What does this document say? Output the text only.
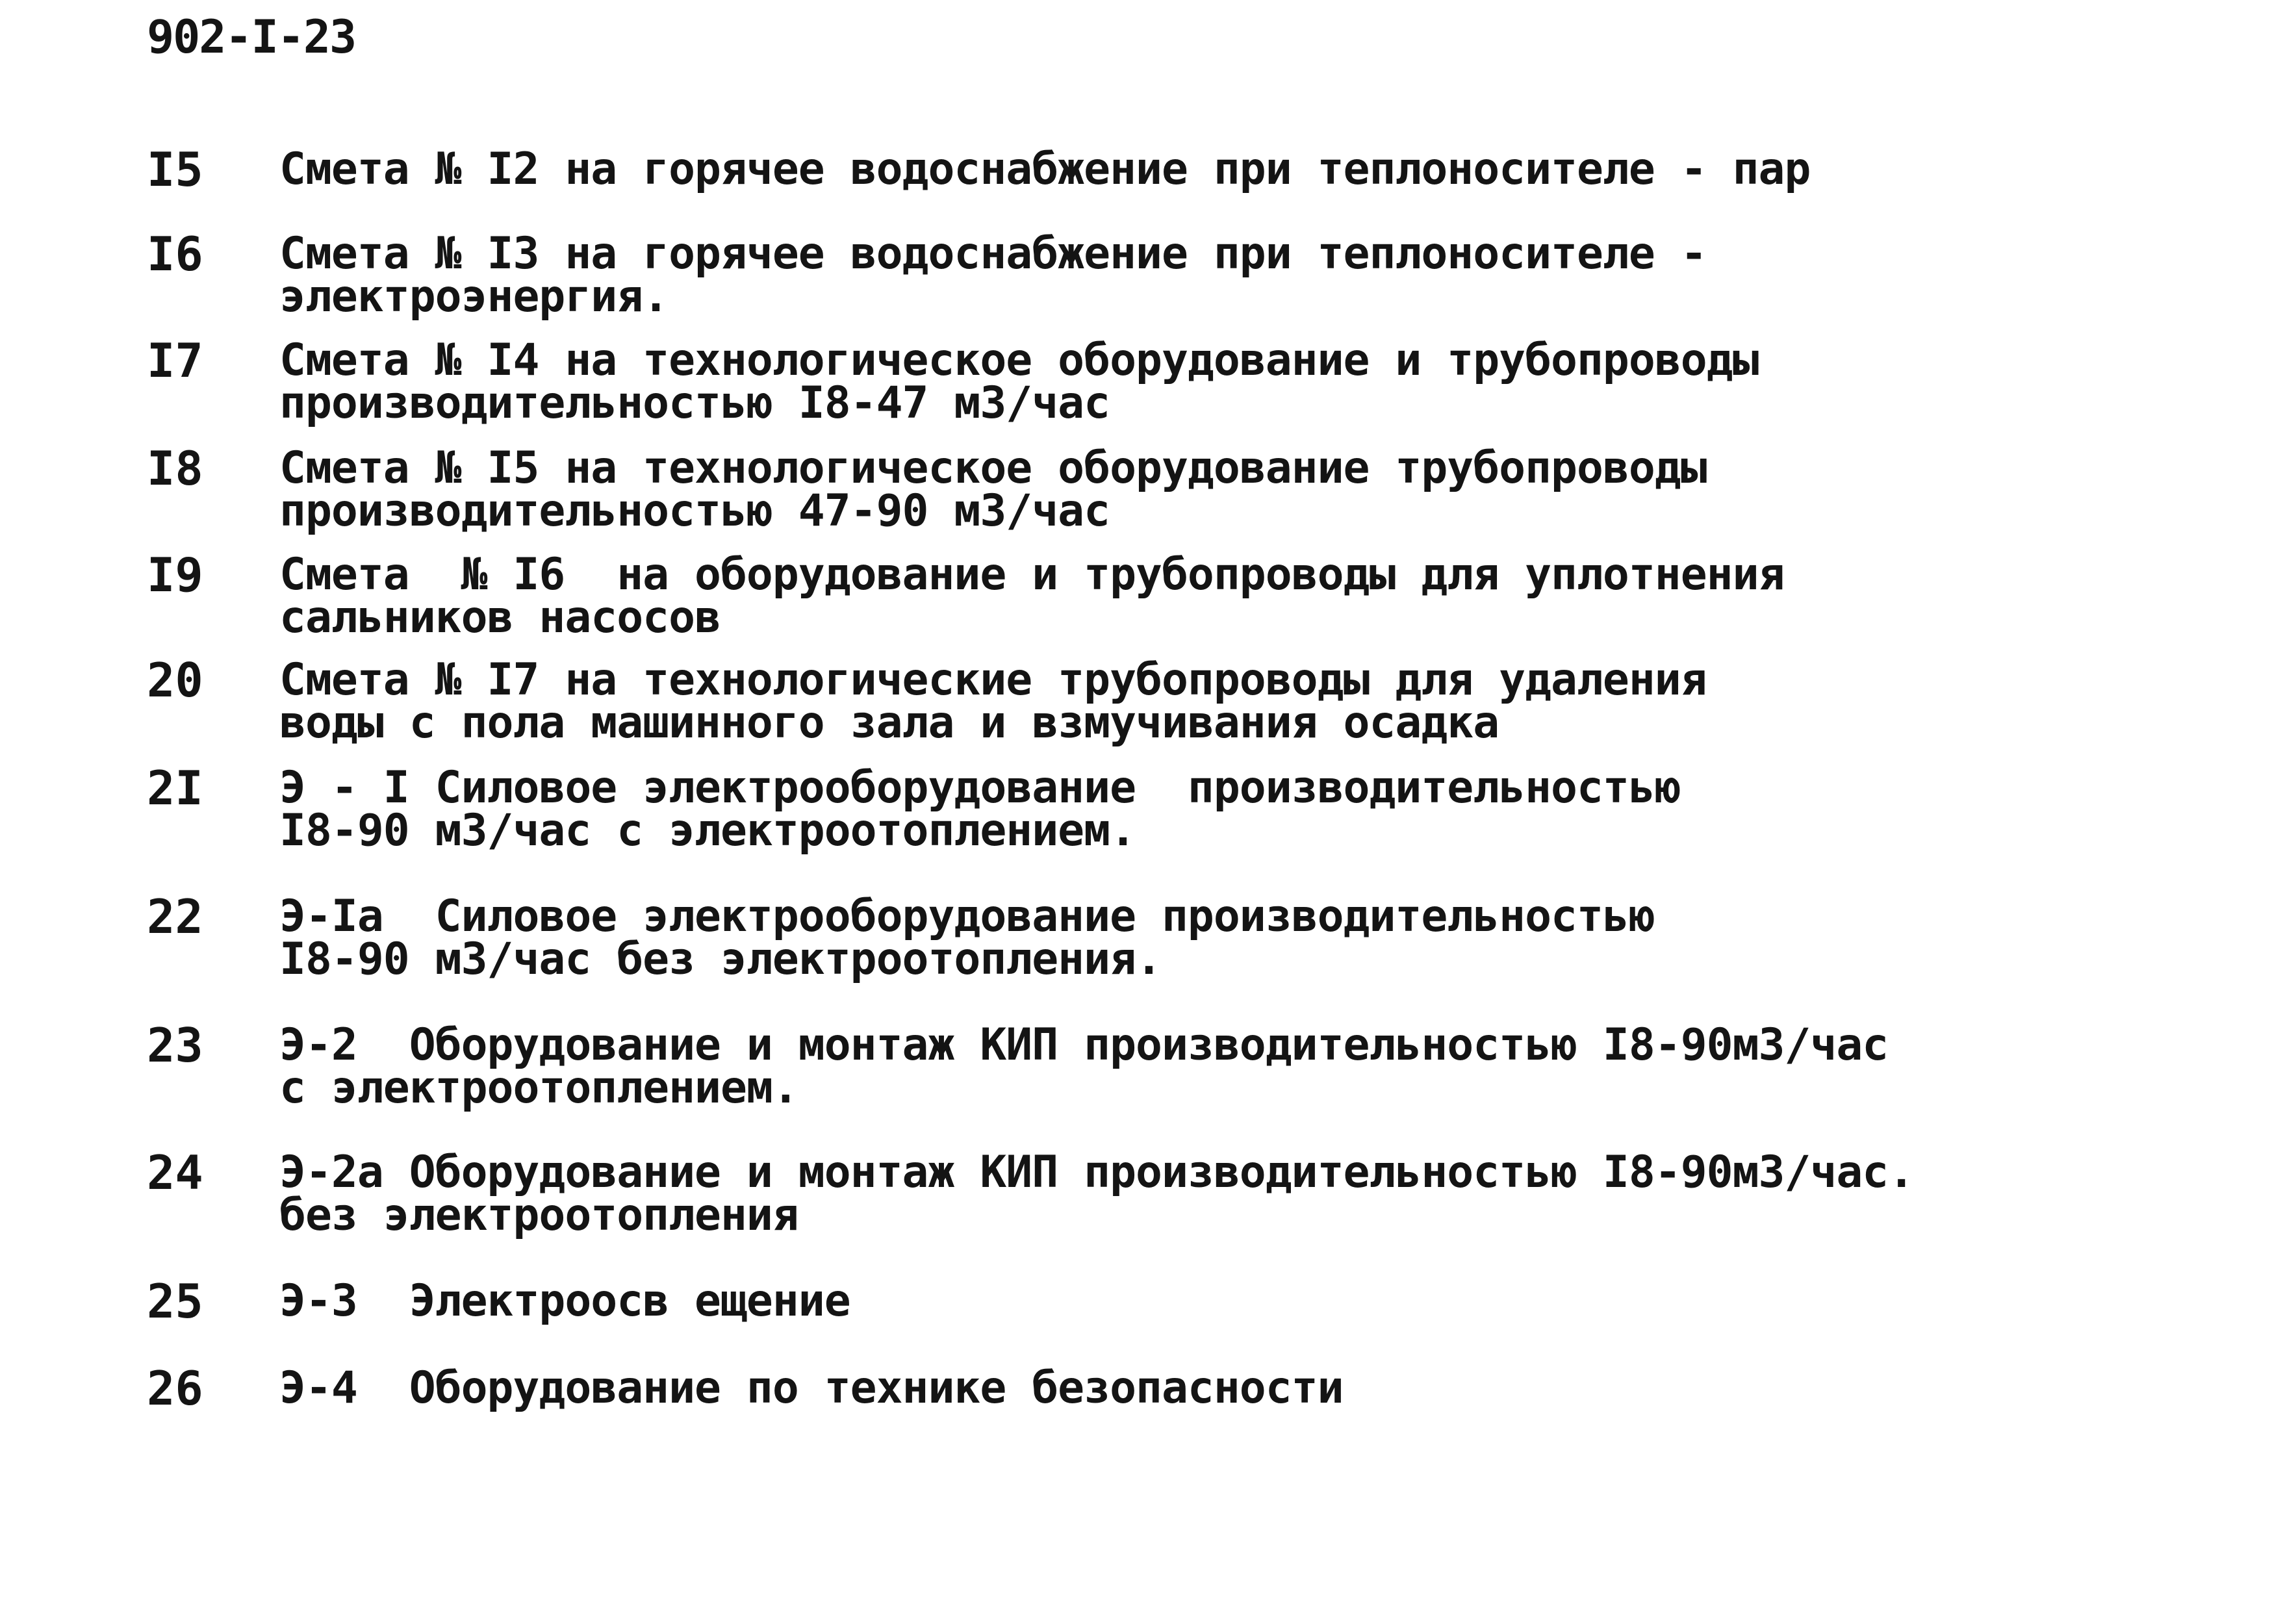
902-I-23
I5	Смета № I2 на горячее водоснабжение при теплоносителе - пар
I6	Смета № I3 на горячее водоснабжение при теплоносителе -
электроэнергия.
I7	Смета № I4 на технологическое оборудование и трубопроводы
производительностью I8-47 м3/час
I8	Смета № I5 на технологическое оборудование трубопроводы
производительностью 47-90 м3/час
I9	Смета  № I6  на оборудование и трубопроводы для уплотнения
сальников насосов
20	Смета № I7 на технологические трубопроводы для удаления
воды с пола машинного зала и взмучивания осадка
2I	Э - I Силовое электрооборудование  производительностью
I8-90 м3/час с электроотоплением.
22	Э-Iа  Силовое электрооборудование производительностью
I8-90 м3/час без электроотопления.
23	Э-2  Оборудование и монтаж КИП производительностью I8-90м3/час
с электроотоплением.
24	Э-2а Оборудование и монтаж КИП производительностью I8-90м3/час.
без электроотопления
25	Э-3  Электроосв ещение
26	Э-4  Оборудование по технике безопасности
